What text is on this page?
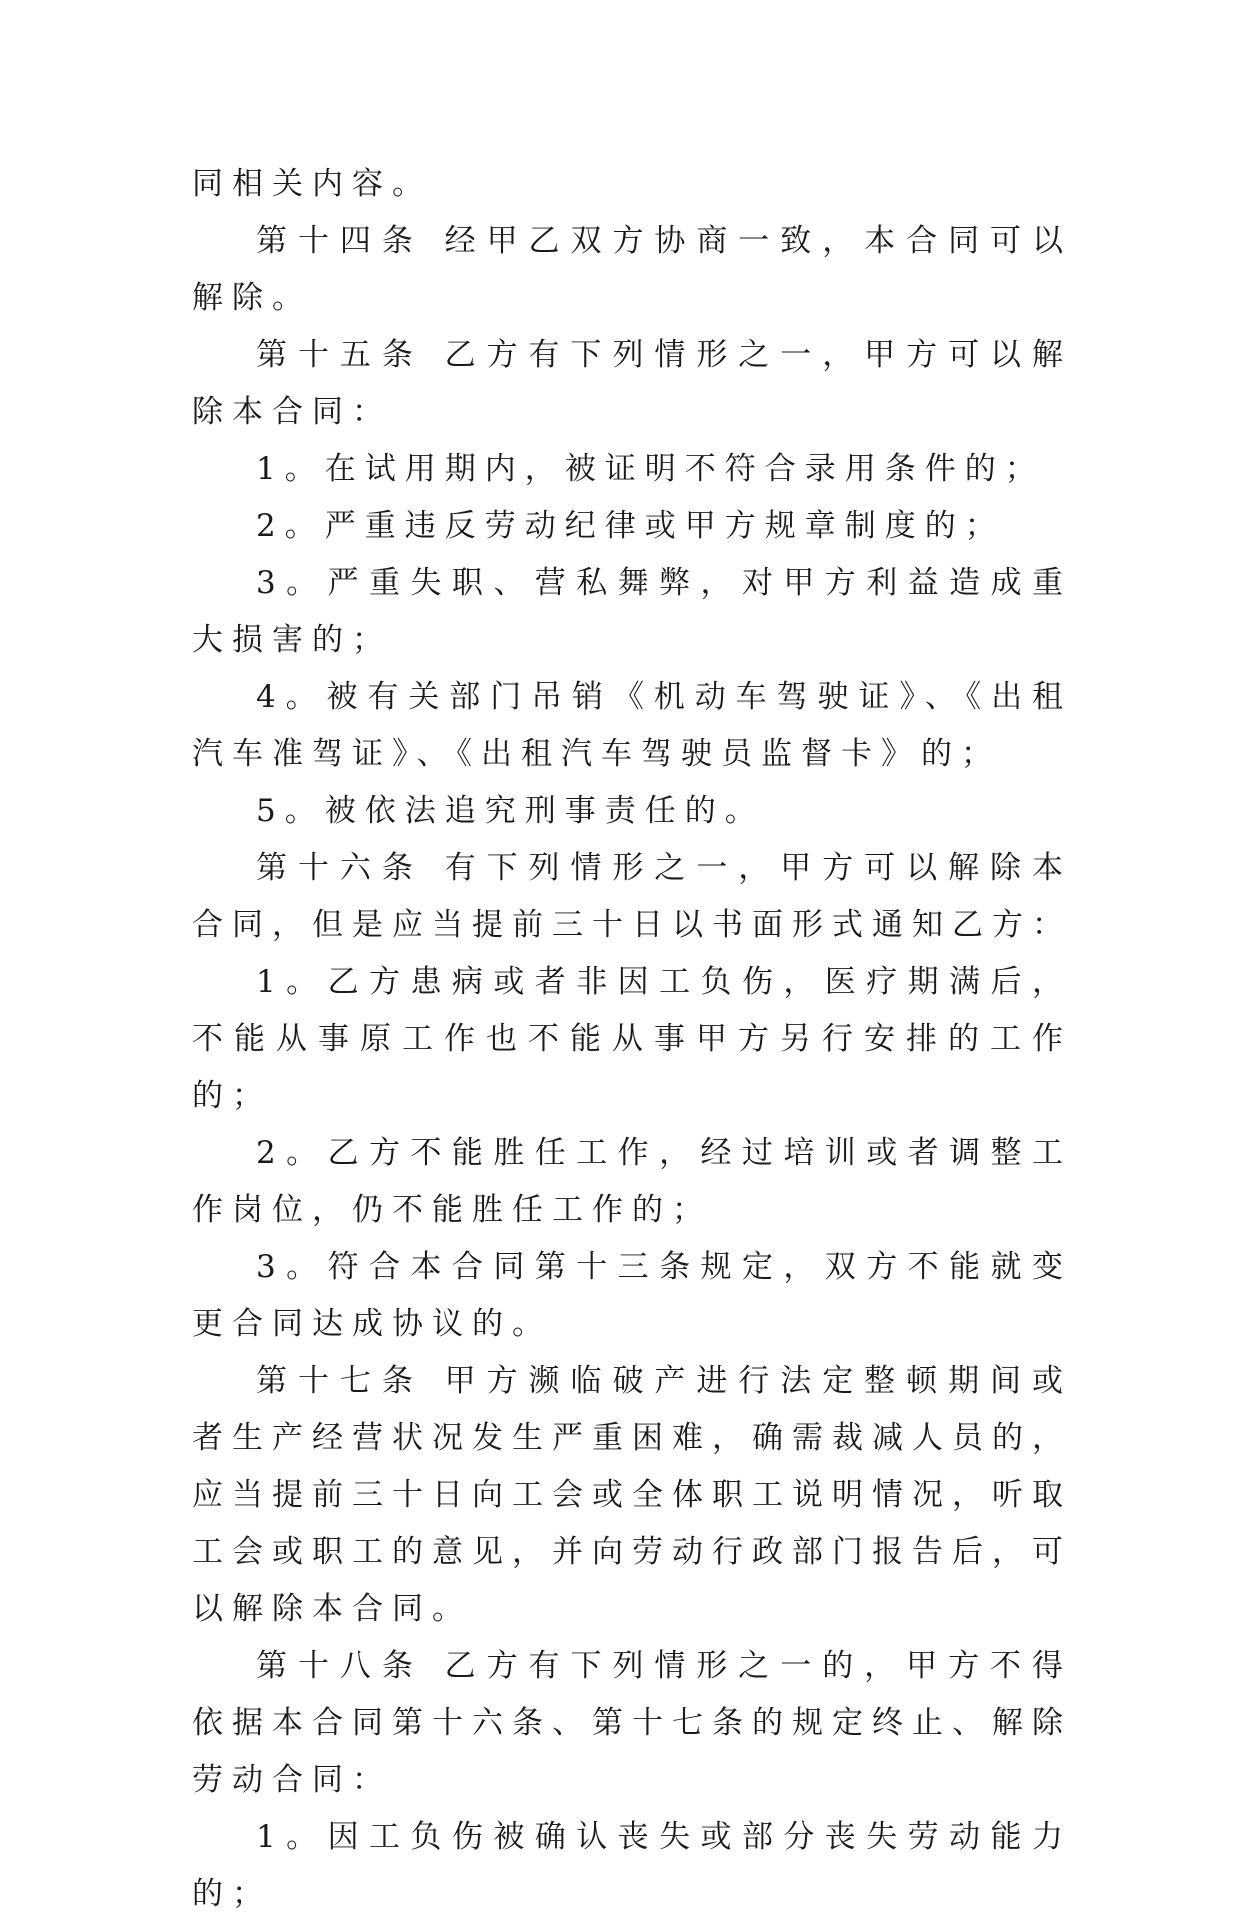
同相关内容。

第十四条 经甲乙双方协商一致，本合同可以解除。

第十五条 乙方有下列情形之一，甲方可以解除本合同：

1。在试用期内，被证明不符合录用条件的；

2。严重违反劳动纪律或甲方规章制度的；

3。严重失职、营私舞弊，对甲方利益造成重大损害的；

4。被有关部门吊销《机动车驾驶证》、《出租汽车准驾证》、《出租汽车驾驶员监督卡》的；

5。被依法追究刑事责任的。

第十六条 有下列情形之一，甲方可以解除本合同，但是应当提前三十日以书面形式通知乙方：

1。乙方患病或者非因工负伤，医疗期满后，不能从事原工作也不能从事甲方另行安排的工作的；

2。乙方不能胜任工作，经过培训或者调整工作岗位，仍不能胜任工作的；

3。符合本合同第十三条规定，双方不能就变更合同达成协议的。

第十七条 甲方濒临破产进行法定整顿期间或者生产经营状况发生严重困难，确需裁减人员的，应当提前三十日向工会或全体职工说明情况，听取工会或职工的意见，并向劳动行政部门报告后，可以解除本合同。

第十八条 乙方有下列情形之一的，甲方不得依据本合同第十六条、第十七条的规定终止、解除劳动合同：

1。因工负伤被确认丧失或部分丧失劳动能力的；
